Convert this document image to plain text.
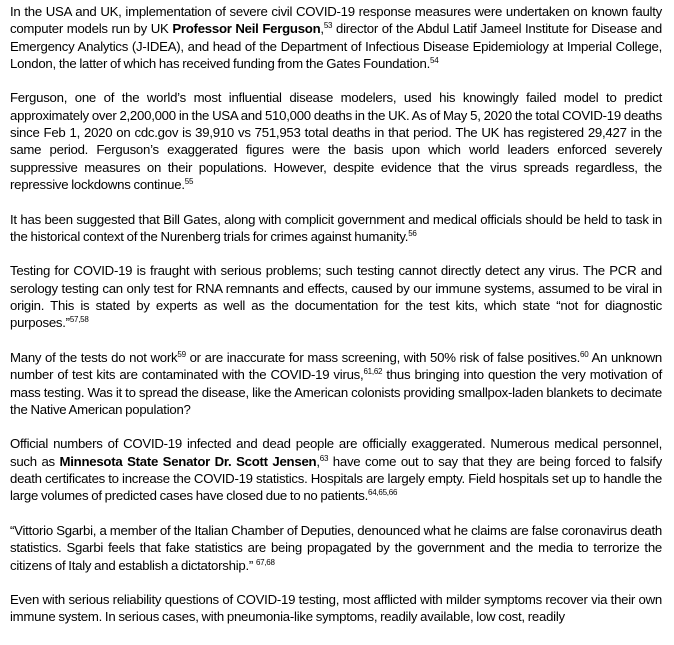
In the USA and UK, implementation of severe civil COVID-19 response measures were undertaken on known faulty computer models run by UK Professor Neil Ferguson,$^{53}$ director of the Abdul Latif Jameel Institute for Disease and Emergency Analytics (J-IDEA), and head of the Department of Infectious Disease Epidemiology at Imperial College, London, the latter of which has received funding from the Gates Foundation.$^{54}$

Ferguson, one of the world’s most influential disease modelers, used his knowingly failed model to predict approximately over 2,200,000 in the USA and 510,000 deaths in the UK. As of May 5, 2020 the total COVID-19 deaths since Feb 1, 2020 on cdc.gov is 39,910 vs 751,953 total deaths in that period. The UK has registered 29,427 in the same period. Ferguson’s exaggerated figures were the basis upon which world leaders enforced severely suppressive measures on their populations. However, despite evidence that the virus spreads regardless, the repressive lockdowns continue.$^{55}$

It has been suggested that Bill Gates, along with complicit government and medical officials should be held to task in the historical context of the Nurenberg trials for crimes against humanity.$^{56}$

Testing for COVID-19 is fraught with serious problems; such testing cannot directly detect any virus. The PCR and serology testing can only test for RNA remnants and effects, caused by our immune systems, assumed to be viral in origin. This is stated by experts as well as the documentation for the test kits, which state “not for diagnostic purposes.”$^{57,58}$

Many of the tests do not work$^{59}$ or are inaccurate for mass screening, with 50% risk of false positives.$^{60}$ An unknown number of test kits are contaminated with the COVID-19 virus,$^{61,62}$ thus bringing into question the very motivation of mass testing. Was it to spread the disease, like the American colonists providing smallpox-laden blankets to decimate the Native American population?

Official numbers of COVID-19 infected and dead people are officially exaggerated. Numerous medical personnel, such as Minnesota State Senator Dr. Scott Jensen,$^{63}$ have come out to say that they are being forced to falsify death certificates to increase the COVID-19 statistics. Hospitals are largely empty. Field hospitals set up to handle the large volumes of predicted cases have closed due to no patients.$^{64,65,66}$

“Vittorio Sgarbi, a member of the Italian Chamber of Deputies, denounced what he claims are false coronavirus death statistics. Sgarbi feels that fake statistics are being propagated by the government and the media to terrorize the citizens of Italy and establish a dictatorship.” $^{67,68}$

Even with serious reliability questions of COVID-19 testing, most afflicted with milder symptoms recover via their own immune system. In serious cases, with pneumonia-like symptoms, readily available, low cost, readily
